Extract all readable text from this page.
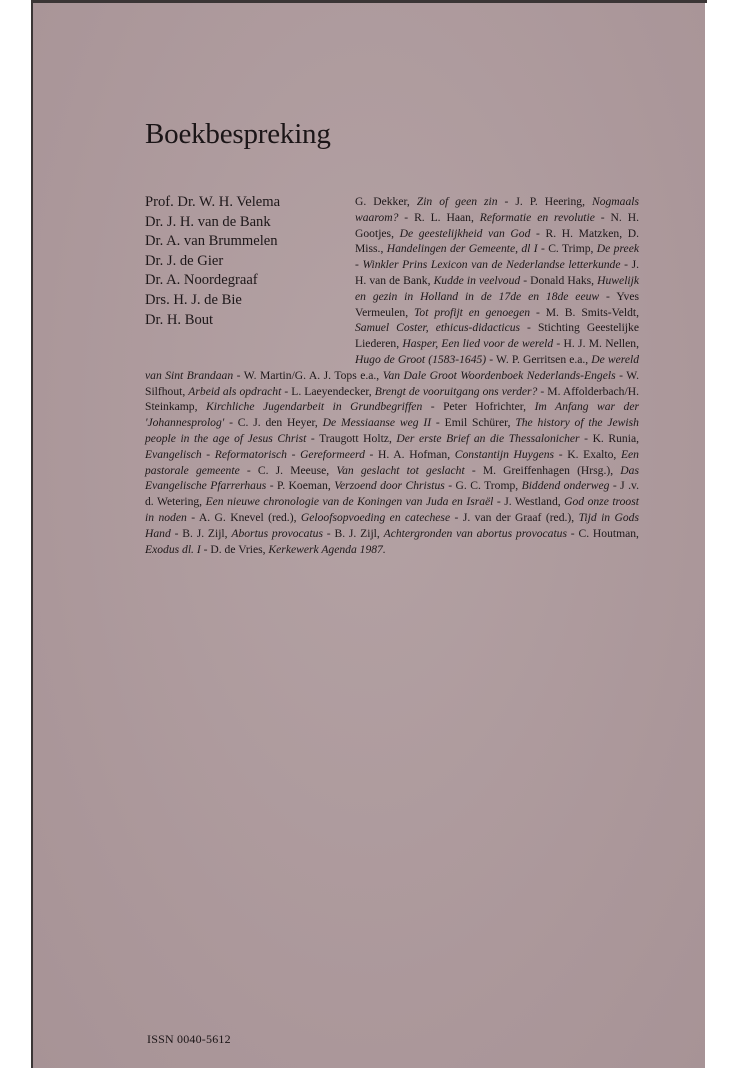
Boekbespreking
Prof. Dr. W. H. Velema
Dr. J. H. van de Bank
Dr. A. van Brummelen
Dr. J. de Gier
Dr. A. Noordegraaf
Drs. H. J. de Bie
Dr. H. Bout

G. Dekker, Zin of geen zin - J. P. Heering, Nogmaals waarom? - R. L. Haan, Reformatie en revolutie - N. H. Gootjes, De geestelijkheid van God - R. H. Matzken, D. Miss., Handelingen der Gemeente, dl I - C. Trimp, De preek - Winkler Prins Lexicon van de Nederlandse letterkunde - J. H. van de Bank, Kudde in veelvoud - Donald Haks, Huwelijk en gezin in Holland in de 17de en 18de eeuw - Yves Vermeulen, Tot profijt en genoegen - M. B. Smits-Veldt, Samuel Coster, ethicus-didacticus - Stichting Geestelijke Liederen, Hasper, Een lied voor de wereld - H. J. M. Nellen, Hugo de Groot (1583-1645) - W. P. Gerritsen e.a., De wereld van Sint Brandaan - W. Martin/G. A. J. Tops e.a., Van Dale Groot Woordenboek Nederlands-Engels - W. Silfhout, Arbeid als opdracht - L. Laeyendecker, Brengt de vooruitgang ons verder? - M. Affolderbach/H. Steinkamp, Kirchliche Jugendarbeit in Grundbegriffen - Peter Hofrichter, Im Anfang war der 'Johannesprolog' - C. J. den Heyer, De Messiaanse weg II - Emil Schürer, The history of the Jewish people in the age of Jesus Christ - Traugott Holtz, Der erste Brief an die Thessalonicher - K. Runia, Evangelisch - Reformatorisch - Gereformeerd - H. A. Hofman, Constantijn Huygens - K. Exalto, Een pastorale gemeente - C. J. Meeuse, Van geslacht tot geslacht - M. Greiffenhagen (Hrsg.), Das Evangelische Pfarrerhaus - P. Koeman, Verzoend door Christus - G. C. Tromp, Biddend onderweg - J .v. d. Wetering, Een nieuwe chronologie van de Koningen van Juda en Israël - J. Westland, God onze troost in noden - A. G. Knevel (red.), Geloofsopvoeding en catechese - J. van der Graaf (red.), Tijd in Gods Hand - B. J. Zijl, Abortus provocatus - B. J. Zijl, Achtergronden van abortus provocatus - C. Houtman, Exodus dl. I - D. de Vries, Kerkewerk Agenda 1987.

ISSN 0040-5612
